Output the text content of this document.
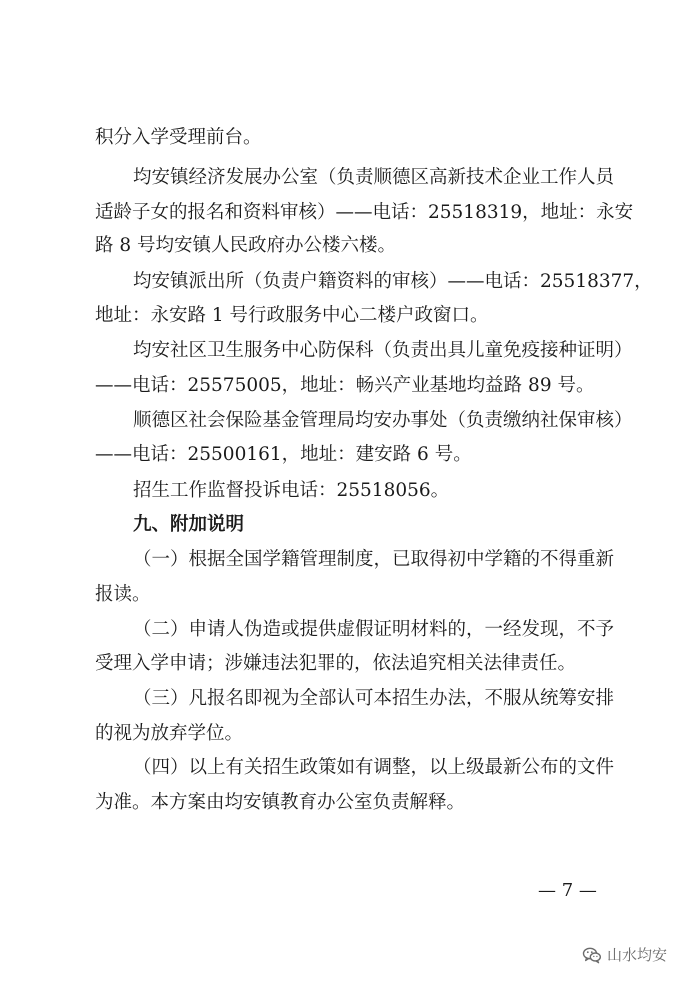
积分入学受理前台。
均安镇经济发展办公室（负责顺德区高新技术企业工作人员
适龄子女的报名和资料审核）——电话：25518319，地址：永安
路 8 号均安镇人民政府办公楼六楼。
均安镇派出所（负责户籍资料的审核）——电话：25518377，
地址：永安路 1 号行政服务中心二楼户政窗口。
均安社区卫生服务中心防保科（负责出具儿童免疫接种证明）
——电话：25575005，地址：畅兴产业基地均益路 89 号。
顺德区社会保险基金管理局均安办事处（负责缴纳社保审核）
——电话：25500161，地址：建安路 6 号。
招生工作监督投诉电话：25518056。
九、附加说明
（一）根据全国学籍管理制度，已取得初中学籍的不得重新
报读。
（二）申请人伪造或提供虚假证明材料的，一经发现，不予
受理入学申请；涉嫌违法犯罪的，依法追究相关法律责任。
（三）凡报名即视为全部认可本招生办法，不服从统筹安排
的视为放弃学位。
（四）以上有关招生政策如有调整，以上级最新公布的文件
为准。本方案由均安镇教育办公室负责解释。
— 7 —
山水均安
